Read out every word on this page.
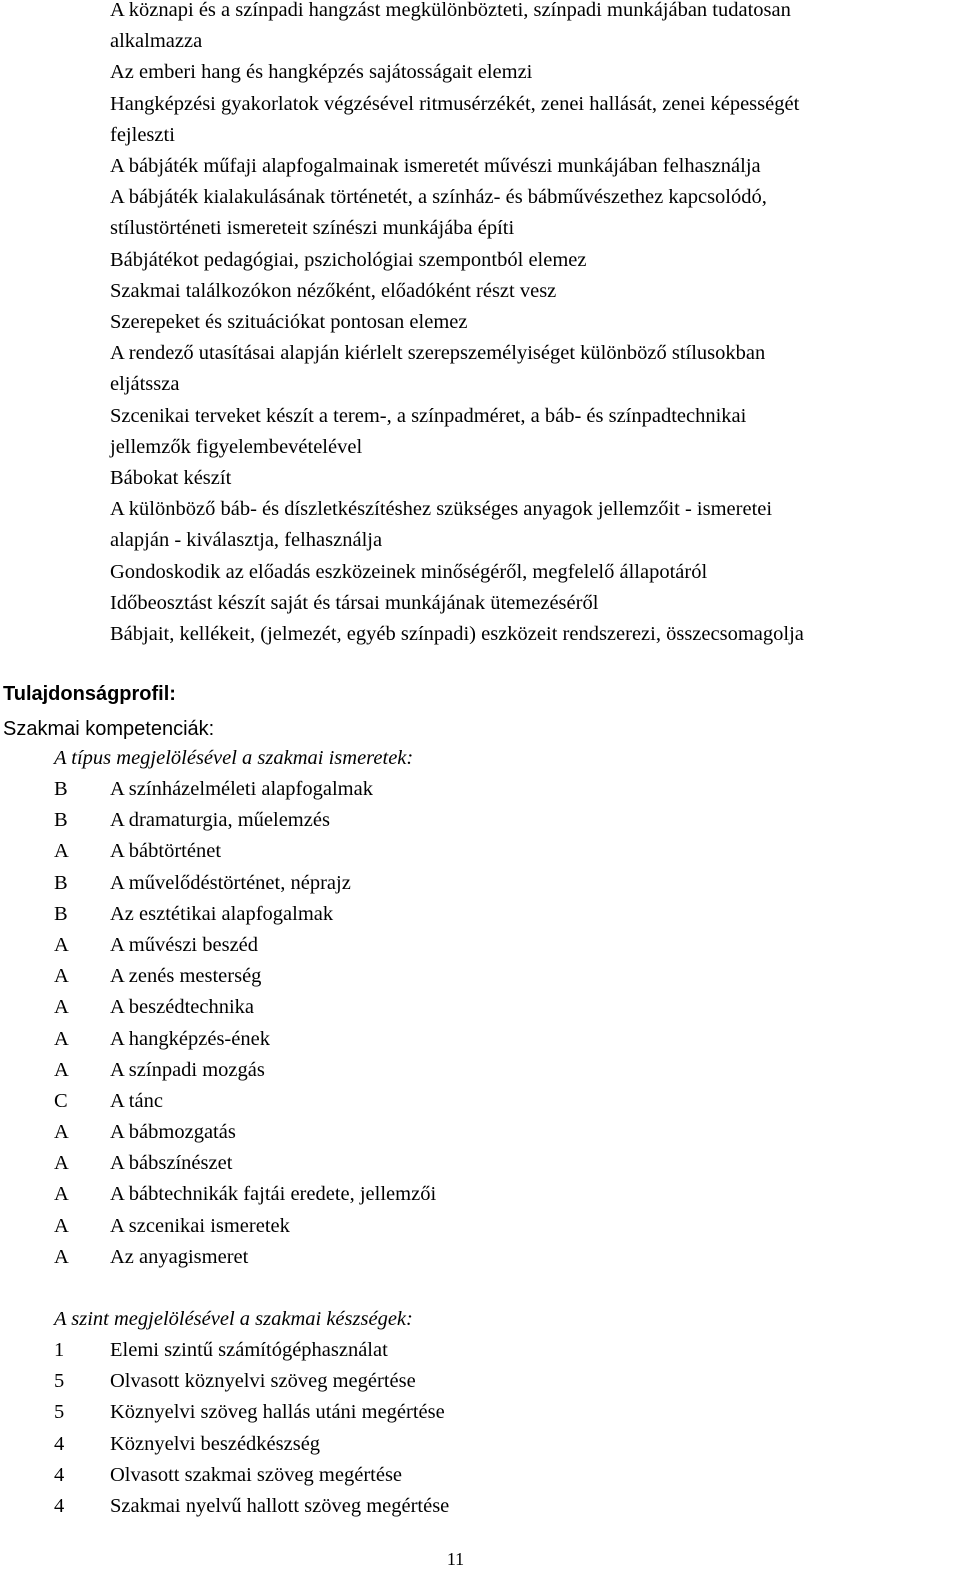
A köznapi és a színpadi hangzást megkülönbözteti, színpadi munkájában tudatosan
alkalmazza
Az emberi hang és hangképzés sajátosságait elemzi
Hangképzési gyakorlatok végzésével ritmusérzékét, zenei hallását, zenei képességét
fejleszti
A bábjáték műfaji alapfogalmainak ismeretét művészi munkájában felhasználja
A bábjáték kialakulásának történetét, a színház- és bábművészethez kapcsolódó,
stílustörténeti ismereteit színészi munkájába építi
Bábjátékot pedagógiai, pszichológiai szempontból elemez
Szakmai találkozókon nézőként, előadóként részt vesz
Szerepeket és szituációkat pontosan elemez
A rendező utasításai alapján kiérlelt szerepszemélyiséget különböző stílusokban
eljátssza
Szcenikai terveket készít a terem-, a színpadméret, a báb- és színpadtechnikai
jellemzők figyelembevételével
Bábokat készít
A különböző báb- és díszletkészítéshez szükséges anyagok jellemzőit - ismeretei
alapján - kiválasztja, felhasználja
Gondoskodik az előadás eszközeinek minőségéről, megfelelő állapotáról
Időbeosztást készít saját és társai munkájának ütemezéséről
Bábjait, kellékeit, (jelmezét, egyéb színpadi) eszközeit rendszerezi, összecsomagolja
Tulajdonságprofil:
Szakmai kompetenciák:
A típus megjelölésével a szakmai ismeretek:
B	A színházelméleti alapfogalmak
B	A dramaturgia, műelemzés
A	A bábtörténet
B	A művelődéstörténet, néprajz
B	Az esztétikai alapfogalmak
A	A művészi beszéd
A	A zenés mesterség
A	A beszédtechnika
A	A hangképzés-ének
A	A színpadi mozgás
C	A tánc
A	A bábmozgatás
A	A bábszínészet
A	A bábtechnikák fajtái eredete, jellemzői
A	A szcenikai ismeretek
A	Az anyagismeret
A szint megjelölésével a szakmai készségek:
1	Elemi szintű számítógéphasználat
5	Olvasott köznyelvi szöveg megértése
5	Köznyelvi szöveg hallás utáni megértése
4	Köznyelvi beszédkészség
4	Olvasott szakmai szöveg megértése
4	Szakmai nyelvű hallott szöveg megértése
11
